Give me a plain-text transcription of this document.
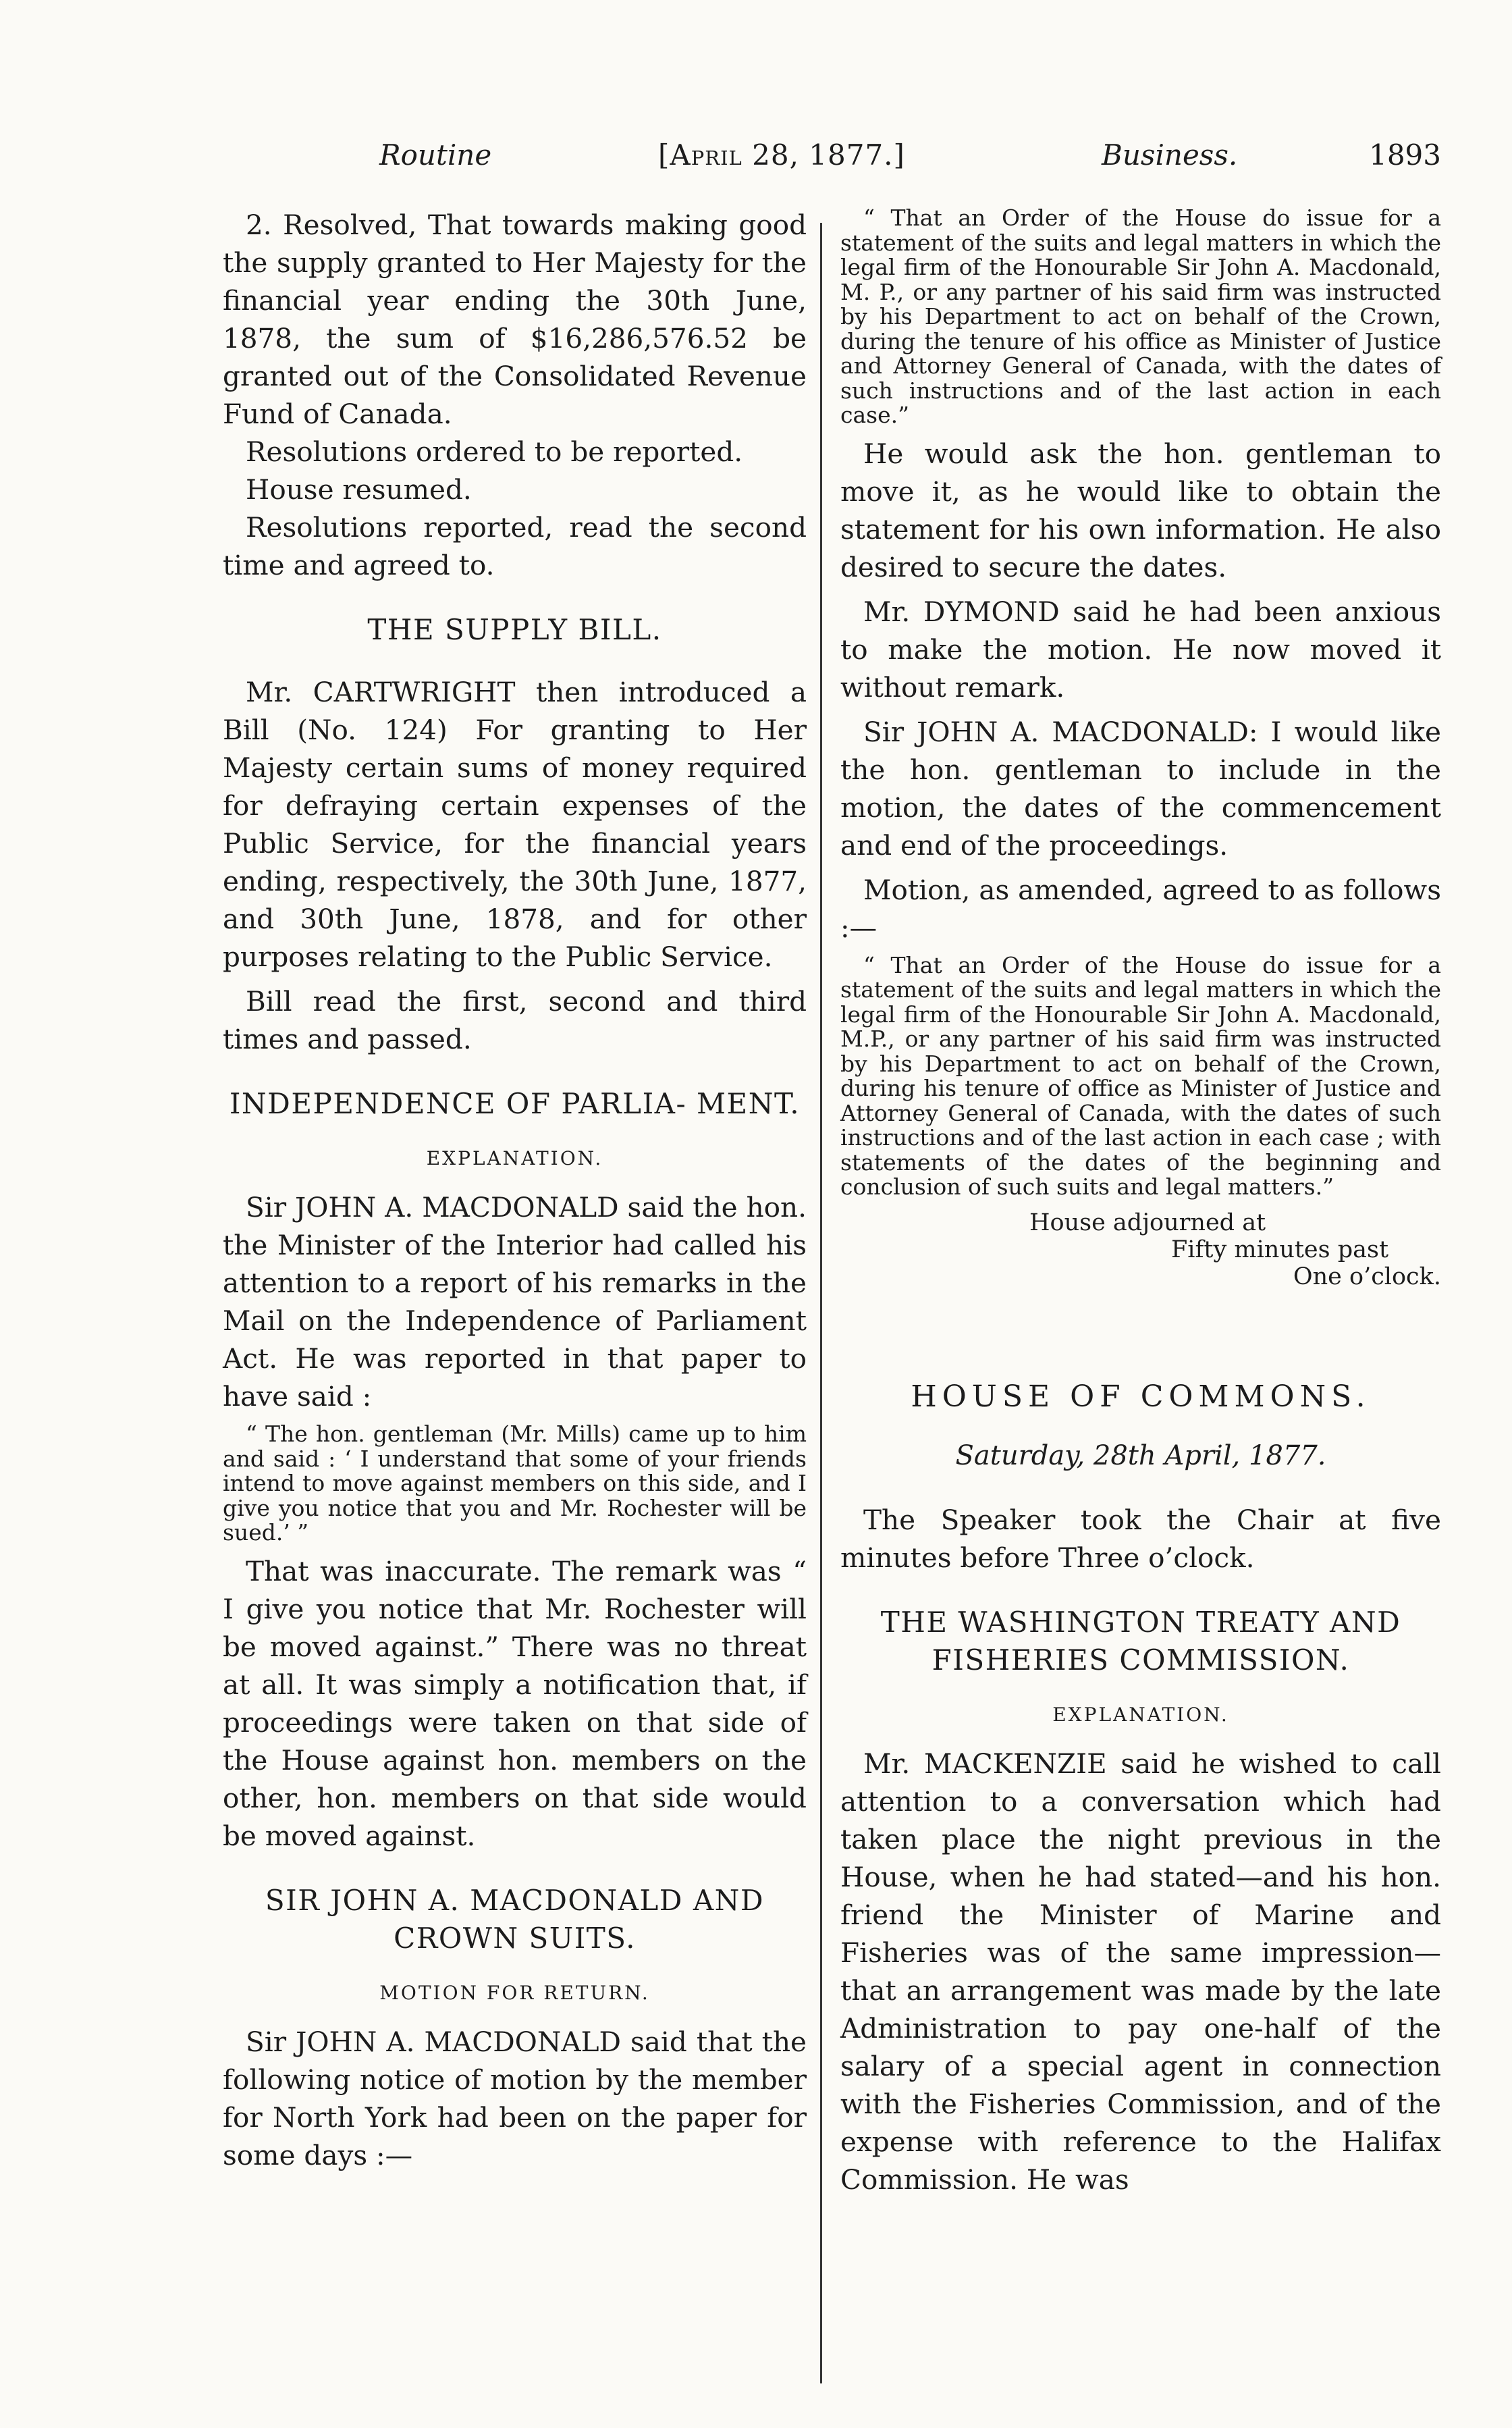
Routine	[April 28, 1877.]	Business.	1893

2. Resolved, That towards making good the supply granted to Her Majesty for the financial year ending the 30th June, 1878, the sum of $16,286,576.52 be granted out of the Consolidated Revenue Fund of Canada.

Resolutions ordered to be reported.

House resumed.

Resolutions reported, read the second time and agreed to.

THE SUPPLY BILL.

Mr. CARTWRIGHT then introduced a Bill (No. 124) For granting to Her Majesty certain sums of money required for defraying certain expenses of the Public Service, for the financial years ending, respectively, the 30th June, 1877, and 30th June, 1878, and for other purposes relating to the Public Service.

Bill read the first, second and third times and passed.

INDEPENDENCE OF PARLIA- MENT.

EXPLANATION.

Sir JOHN A. MACDONALD said the hon. the Minister of the Interior had called his attention to a report of his remarks in the Mail on the Independence of Parliament Act. He was reported in that paper to have said :

“ The hon. gentleman (Mr. Mills) came up to him and said : ‘ I understand that some of your friends intend to move against members on this side, and I give you notice that you and Mr. Rochester will be sued.’ ”

That was inaccurate. The remark was “ I give you notice that Mr. Rochester will be moved against.” There was no threat at all. It was simply a notification that, if proceedings were taken on that side of the House against hon. members on the other, hon. members on that side would be moved against.

SIR JOHN A. MACDONALD AND CROWN SUITS.

MOTION FOR RETURN.

Sir JOHN A. MACDONALD said that the following notice of motion by the member for North York had been on the paper for some days :—

“ That an Order of the House do issue for a statement of the suits and legal matters in which the legal firm of the Honourable Sir John A. Macdonald, M. P., or any partner of his said firm was instructed by his Department to act on behalf of the Crown, during the tenure of his office as Minister of Justice and Attorney General of Canada, with the dates of such instructions and of the last action in each case.”

He would ask the hon. gentleman to move it, as he would like to obtain the statement for his own information. He also desired to secure the dates.

Mr. DYMOND said he had been anxious to make the motion. He now moved it without remark.

Sir JOHN A. MACDONALD: I would like the hon. gentleman to include in the motion, the dates of the commencement and end of the proceedings.

Motion, as amended, agreed to as follows :—

“ That an Order of the House do issue for a statement of the suits and legal matters in which the legal firm of the Honourable Sir John A. Macdonald, M.P., or any partner of his said firm was instructed by his Department to act on behalf of the Crown, during his tenure of office as Minister of Justice and Attorney General of Canada, with the dates of such instructions and of the last action in each case ; with statements of the dates of the beginning and conclusion of such suits and legal matters.”

House adjourned at
Fifty minutes past
One o’clock.

HOUSE OF COMMONS.

Saturday, 28th April, 1877.

The Speaker took the Chair at five minutes before Three o’clock.

THE WASHINGTON TREATY AND FISHERIES COMMISSION.

EXPLANATION.

Mr. MACKENZIE said he wished to call attention to a conversation which had taken place the night previous in the House, when he had stated—and his hon. friend the Minister of Marine and Fisheries was of the same impression—that an arrangement was made by the late Administration to pay one-half of the salary of a special agent in connection with the Fisheries Commission, and of the expense with reference to the Halifax Commission. He was
